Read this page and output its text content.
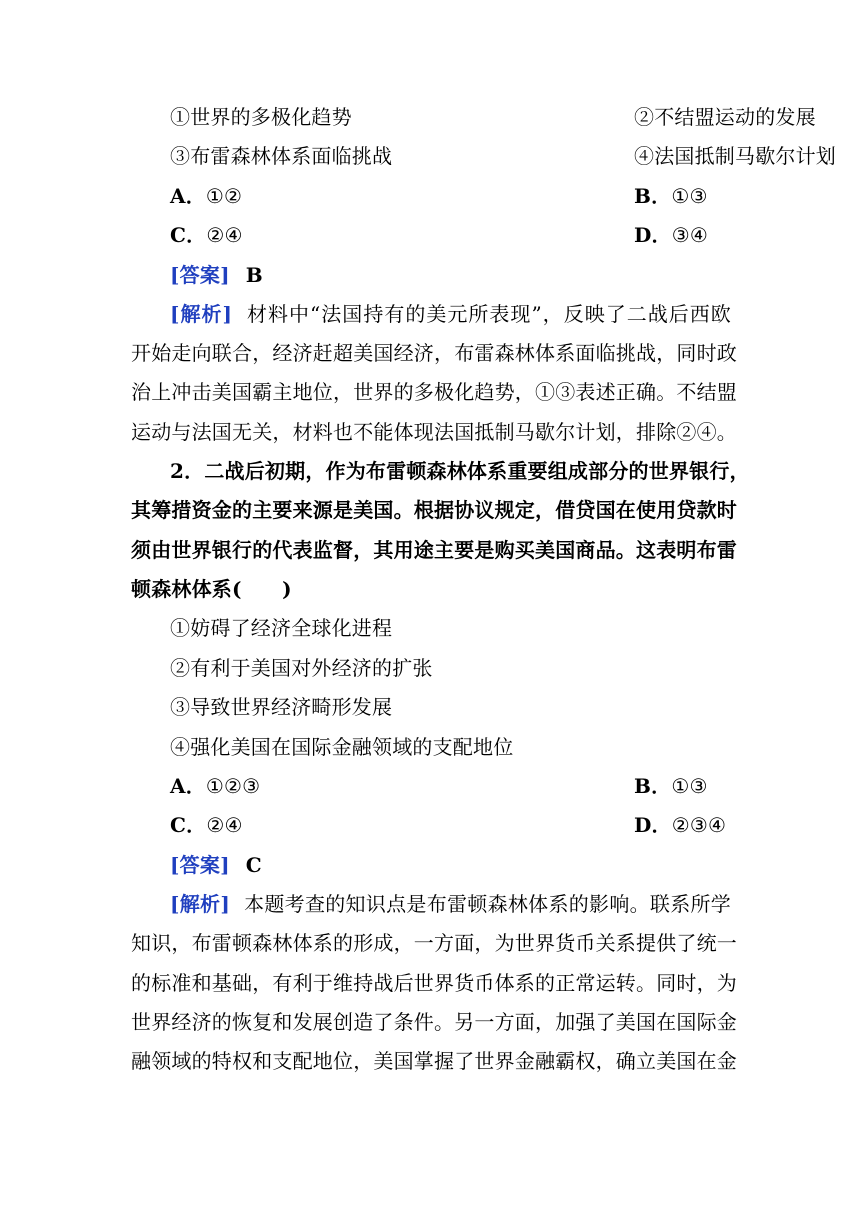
①世界的多极化趋势	②不结盟运动的发展
③布雷森林体系面临挑战	④法国抵制马歇尔计划
A．①②	B．①③
C．②④	D．③④
[答案] B
[解析] 材料中“法国持有的美元所表现”，反映了二战后西欧
开始走向联合，经济赶超美国经济，布雷森林体系面临挑战，同时政
治上冲击美国霸主地位，世界的多极化趋势，①③表述正确。不结盟
运动与法国无关，材料也不能体现法国抵制马歇尔计划，排除②④。
2．二战后初期，作为布雷顿森林体系重要组成部分的世界银行，
其筹措资金的主要来源是美国。根据协议规定，借贷国在使用贷款时
须由世界银行的代表监督，其用途主要是购买美国商品。这表明布雷
顿森林体系(　　)
①妨碍了经济全球化进程
②有利于美国对外经济的扩张
③导致世界经济畸形发展
④强化美国在国际金融领域的支配地位
A．①②③	B．①③
C．②④	D．②③④
[答案] C
[解析] 本题考查的知识点是布雷顿森林体系的影响。联系所学
知识，布雷顿森林体系的形成，一方面，为世界货币关系提供了统一
的标准和基础，有利于维持战后世界货币体系的正常运转。同时，为
世界经济的恢复和发展创造了条件。另一方面，加强了美国在国际金
融领域的特权和支配地位，美国掌握了世界金融霸权，确立美国在金
